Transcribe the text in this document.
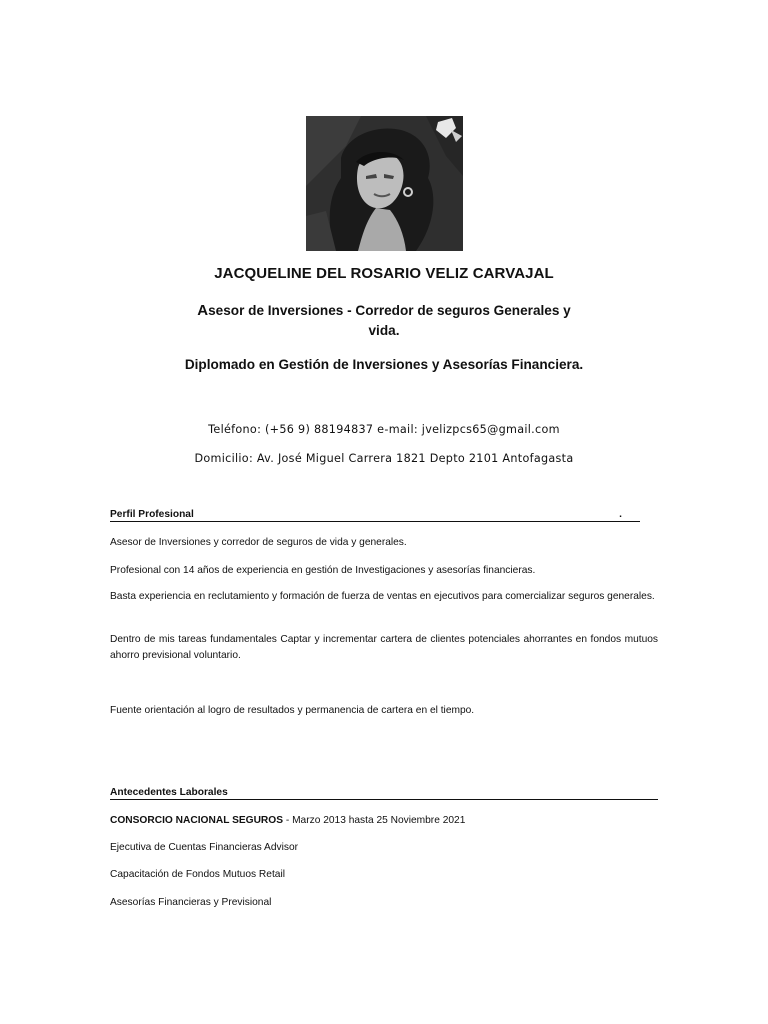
JACQUELINE DEL ROSARIO VELIZ CARVAJAL
Asesor de Inversiones - Corredor de seguros Generales y
vida.
Diplomado en Gestión de Inversiones y Asesorías Financiera.
Teléfono: (+56 9) 88194837 e-mail: jvelizpcs65@gmail.com
Domicilio: Av. José Miguel Carrera 1821 Depto 2101 Antofagasta
Perfil Profesional	.
Asesor de Inversiones y corredor de seguros de vida y generales.
Profesional con 14 años de experiencia en gestión de Investigaciones y asesorías financieras.
Basta experiencia en reclutamiento y formación de fuerza de ventas en ejecutivos para comercializar seguros generales.
Dentro de mis tareas fundamentales Captar y incrementar cartera de clientes potenciales ahorrantes en fondos mutuos ahorro previsional voluntario.
Fuente orientación al logro de resultados y permanencia de cartera en el tiempo.
Antecedentes Laborales
CONSORCIO NACIONAL SEGUROS - Marzo 2013 hasta 25 Noviembre 2021
Ejecutiva de Cuentas Financieras Advisor
Capacitación de Fondos Mutuos Retail
Asesorías Financieras y Previsional
